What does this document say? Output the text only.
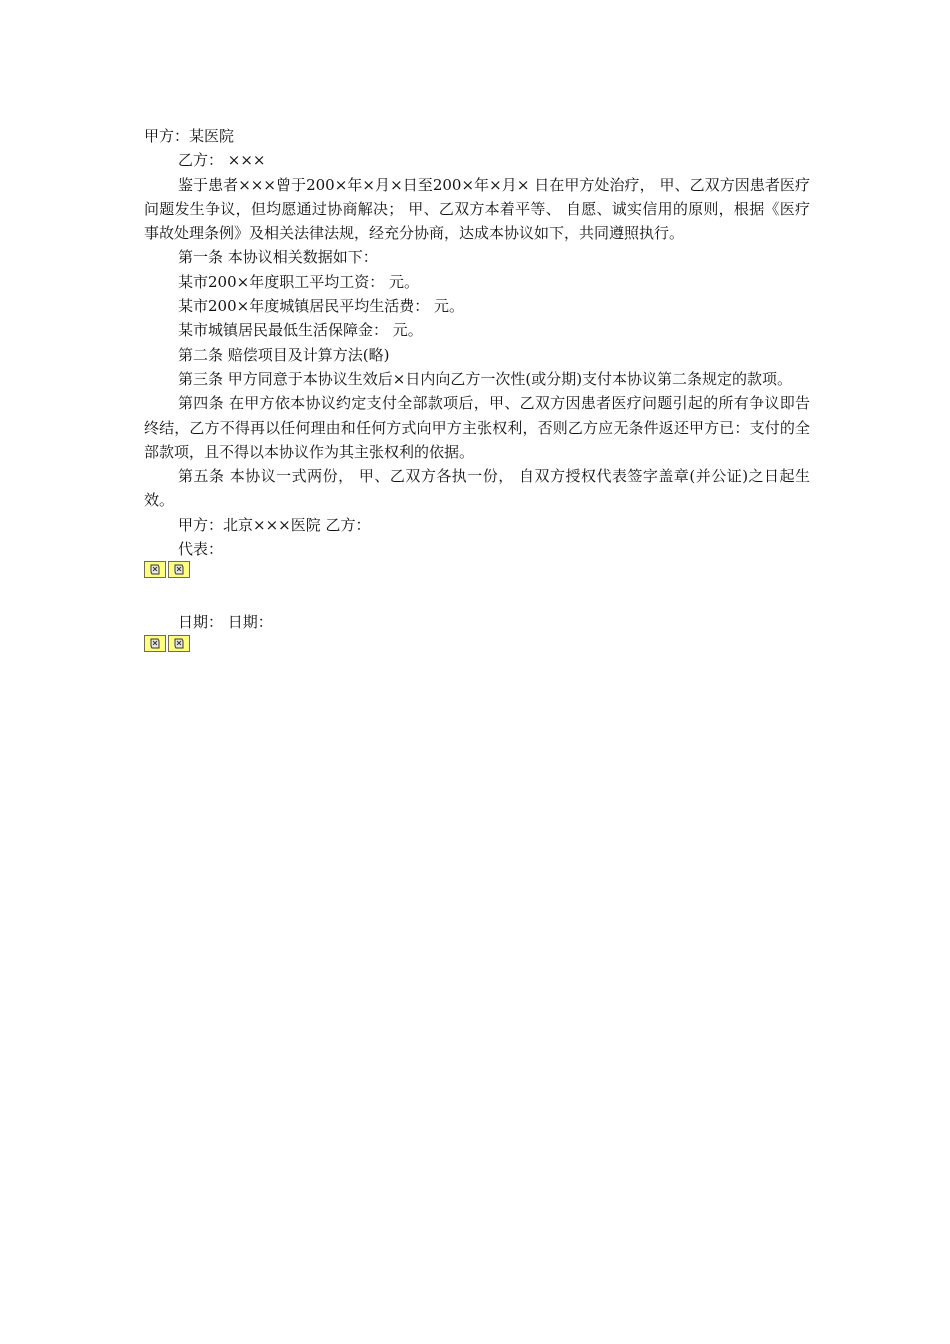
甲方：某医院

乙方： ×××

鉴于患者×××曾于200×年×月×日至200×年×月× 日在甲方处治疗， 甲、乙双方因患者医疗问题发生争议，但均愿通过协商解决； 甲、乙双方本着平等、 自愿、诚实信用的原则，根据《医疗事故处理条例》及相关法律法规，经充分协商，达成本协议如下，共同遵照执行。

第一条 本协议相关数据如下：

某市200×年度职工平均工资： 元。

某市200×年度城镇居民平均生活费： 元。

某市城镇居民最低生活保障金： 元。

第二条 赔偿项目及计算方法(略)

第三条 甲方同意于本协议生效后×日内向乙方一次性(或分期)支付本协议第二条规定的款项。

第四条 在甲方依本协议约定支付全部款项后，甲、乙双方因患者医疗问题引起的所有争议即告终结，乙方不得再以任何理由和任何方式向甲方主张权利，否则乙方应无条件返还甲方已：支付的全部款项，且不得以本协议作为其主张权利的依据。

第五条 本协议一式两份， 甲、乙双方各执一份， 自双方授权代表签字盖章(并公证)之日起生效。

甲方：北京×××医院 乙方：

代表：

日期： 日期：
